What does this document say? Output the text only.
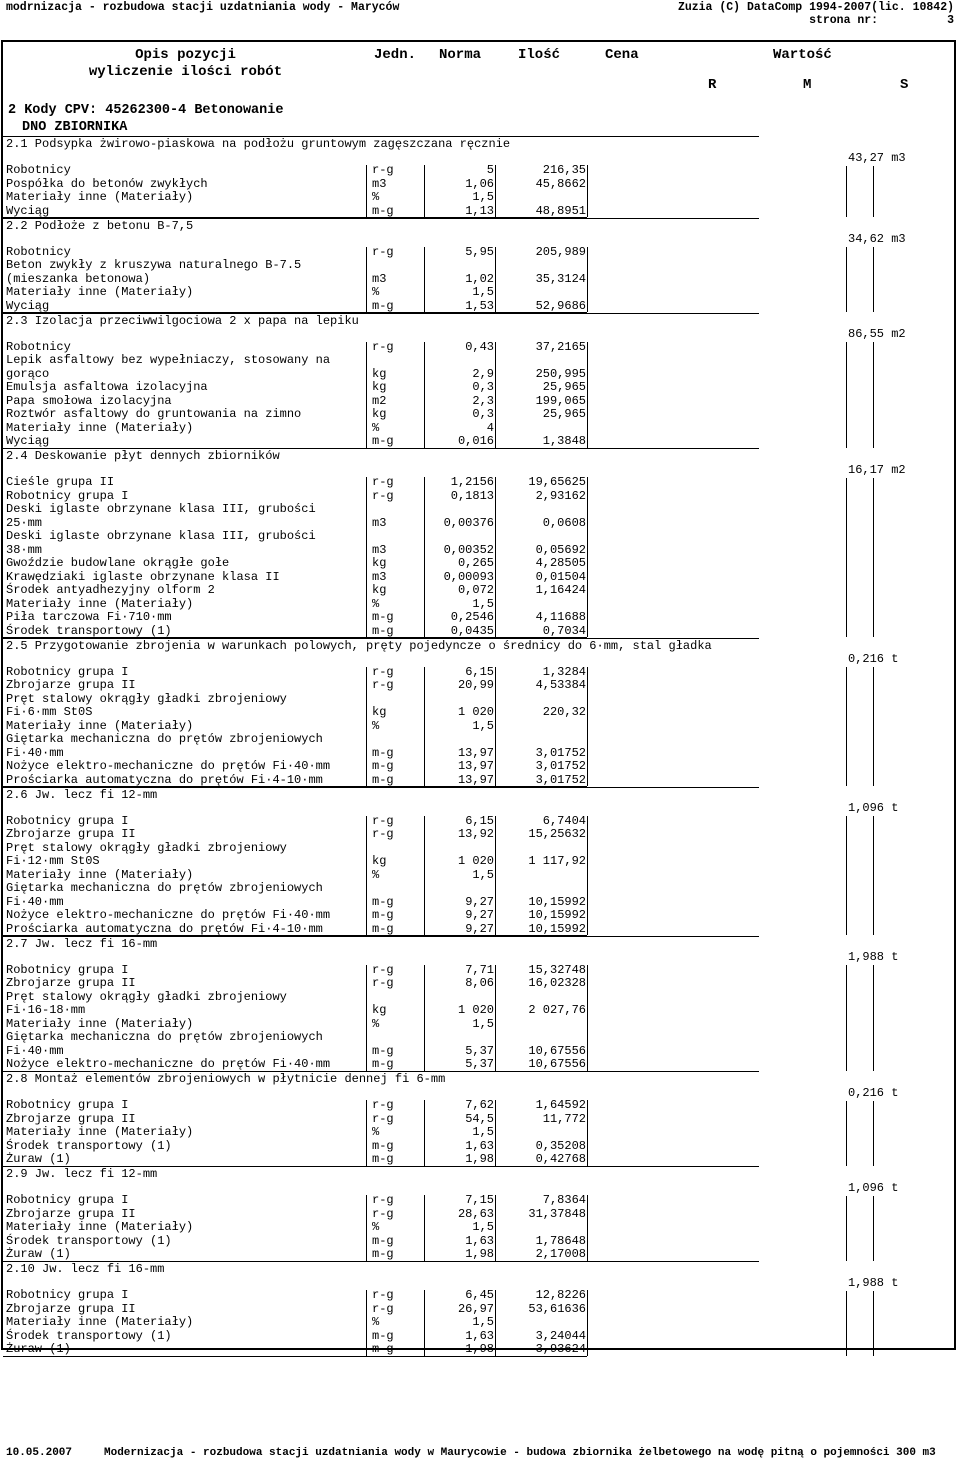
modrnizacja - rozbudowa stacji uzdatniania wody - Maryców	Zuzia (C) DataComp 1994-2007(lic. 10842)
strona nr:	3
Opis pozycji
wyliczenie ilości robót
Jedn. Norma	Ilość	Cena	Wartość
R	M	S
2 Kody CPV: 45262300-4 Betonowanie
DNO ZBIORNIKA
2.1 Podsypka żwirowo-piaskowa na podłożu gruntowym zagęszczana ręcznie
43,27 m3
Robotnicy	r-g	5	216,35
Pospółka do betonów zwykłych	m3	1,06	45,8662
Materiały inne (Materiały)	%	1,5
Wyciąg	m-g	1,13	48,8951
2.2 Podłoże z betonu B-7,5
34,62 m3
Robotnicy	r-g	5,95	205,989
Beton zwykły z kruszywa naturalnego B-7.5
(mieszanka betonowa)	m3	1,02	35,3124
Materiały inne (Materiały)	%	1,5
Wyciąg	m-g	1,53	52,9686
2.3 Izolacja przeciwwilgociowa 2 x papa na lepiku
86,55 m2
Robotnicy	r-g	0,43	37,2165
Lepik asfaltowy bez wypełniaczy, stosowany na
gorąco	kg	2,9	250,995
Emulsja asfaltowa izolacyjna	kg	0,3	25,965
Papa smołowa izolacyjna	m2	2,3	199,065
Roztwór asfaltowy do gruntowania na zimno	kg	0,3	25,965
Materiały inne (Materiały)	%	4
Wyciąg	m-g	0,016	1,3848
2.4 Deskowanie płyt dennych zbiorników
16,17 m2
Cieśle grupa II	r-g	1,2156	19,65625
Robotnicy grupa I	r-g	0,1813	2,93162
Deski iglaste obrzynane klasa III, grubości
25·mm	m3	0,00376	0,0608
Deski iglaste obrzynane klasa III, grubości
38·mm	m3	0,00352	0,05692
Gwoździe budowlane okrągłe gołe	kg	0,265	4,28505
Krawędziaki iglaste obrzynane klasa II	m3	0,00093	0,01504
Środek antyadhezyjny olform 2	kg	0,072	1,16424
Materiały inne (Materiały)	%	1,5
Piła tarczowa Fi·710·mm	m-g	0,2546	4,11688
Środek transportowy (1)	m-g	0,0435	0,7034
2.5 Przygotowanie zbrojenia w warunkach polowych, pręty pojedyncze o średnicy do 6·mm, stal gładka
0,216 t
Robotnicy grupa I	r-g	6,15	1,3284
Zbrojarze grupa II	r-g	20,99	4,53384
Pręt stalowy okrągły gładki zbrojeniowy
Fi·6·mm St0S	kg	1 020	220,32
Materiały inne (Materiały)	%	1,5
Giętarka mechaniczna do prętów zbrojeniowych
Fi·40·mm	m-g	13,97	3,01752
Nożyce elektro-mechaniczne do prętów Fi·40·mm	m-g	13,97	3,01752
Prościarka automatyczna do prętów Fi·4-10·mm	m-g	13,97	3,01752
2.6 Jw. lecz fi 12-mm
1,096 t
Robotnicy grupa I	r-g	6,15	6,7404
Zbrojarze grupa II	r-g	13,92	15,25632
Pręt stalowy okrągły gładki zbrojeniowy
Fi·12·mm St0S	kg	1 020	1 117,92
Materiały inne (Materiały)	%	1,5
Giętarka mechaniczna do prętów zbrojeniowych
Fi·40·mm	m-g	9,27	10,15992
Nożyce elektro-mechaniczne do prętów Fi·40·mm	m-g	9,27	10,15992
Prościarka automatyczna do prętów Fi·4-10·mm	m-g	9,27	10,15992
2.7 Jw. lecz fi 16-mm
1,988 t
Robotnicy grupa I	r-g	7,71	15,32748
Zbrojarze grupa II	r-g	8,06	16,02328
Pręt stalowy okrągły gładki zbrojeniowy
Fi·16-18·mm	kg	1 020	2 027,76
Materiały inne (Materiały)	%	1,5
Giętarka mechaniczna do prętów zbrojeniowych
Fi·40·mm	m-g	5,37	10,67556
Nożyce elektro-mechaniczne do prętów Fi·40·mm	m-g	5,37	10,67556
2.8 Montaż elementów zbrojeniowych w płytnicie dennej fi 6-mm
0,216 t
Robotnicy grupa I	r-g	7,62	1,64592
Zbrojarze grupa II	r-g	54,5	11,772
Materiały inne (Materiały)	%	1,5
Środek transportowy (1)	m-g	1,63	0,35208
Żuraw (1)	m-g	1,98	0,42768
2.9 Jw. lecz fi 12-mm
1,096 t
Robotnicy grupa I	r-g	7,15	7,8364
Zbrojarze grupa II	r-g	28,63	31,37848
Materiały inne (Materiały)	%	1,5
Środek transportowy (1)	m-g	1,63	1,78648
Żuraw (1)	m-g	1,98	2,17008
2.10 Jw. lecz fi 16-mm
1,988 t
Robotnicy grupa I	r-g	6,45	12,8226
Zbrojarze grupa II	r-g	26,97	53,61636
Materiały inne (Materiały)	%	1,5
Środek transportowy (1)	m-g	1,63	3,24044
Żuraw (1)	m-g	1,98	3,93624
10.05.2007	Modernizacja - rozbudowa stacji uzdatniania wody w Maurycowie - budowa zbiornika żelbetowego na wodę pitną o pojemności 300 m3
